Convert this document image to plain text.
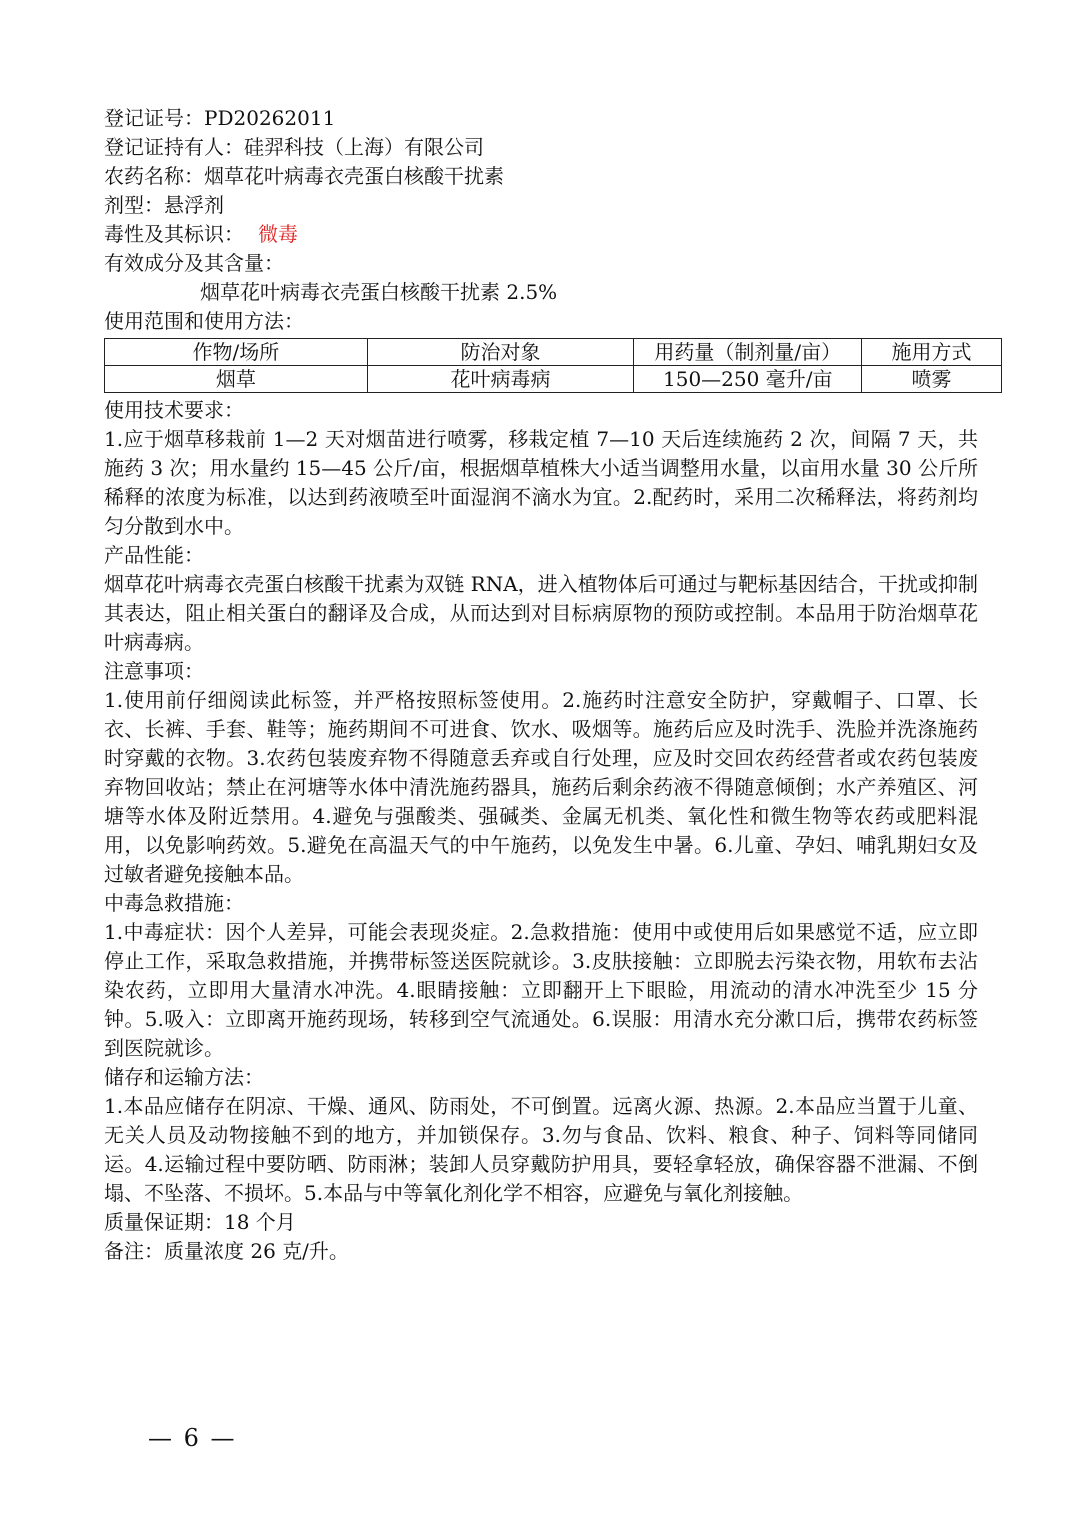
登记证号：PD20262011
登记证持有人：硅羿科技（上海）有限公司
农药名称：烟草花叶病毒衣壳蛋白核酸干扰素
剂型：悬浮剂
毒性及其标识： 微毒
有效成分及其含量：
烟草花叶病毒衣壳蛋白核酸干扰素 2.5%
使用范围和使用方法：
作物/场所	防治对象	用药量（制剂量/亩）	施用方式
烟草	花叶病毒病	150—250 毫升/亩	喷雾
使用技术要求：

1.应于烟草移栽前 1—2 天对烟苗进行喷雾，移栽定植 7—10 天后连续施药 2 次，间隔 7 天，共施药 3 次；用水量约 15—45 公斤/亩，根据烟草植株大小适当调整用水量，以亩用水量 30 公斤所稀释的浓度为标准，以达到药液喷至叶面湿润不滴水为宜。2.配药时，采用二次稀释法，将药剂均匀分散到水中。

产品性能：

烟草花叶病毒衣壳蛋白核酸干扰素为双链 RNA，进入植物体后可通过与靶标基因结合，干扰或抑制其表达，阻止相关蛋白的翻译及合成，从而达到对目标病原物的预防或控制。本品用于防治烟草花叶病毒病。

注意事项：

1.使用前仔细阅读此标签，并严格按照标签使用。2.施药时注意安全防护，穿戴帽子、口罩、长衣、长裤、手套、鞋等；施药期间不可进食、饮水、吸烟等。施药后应及时洗手、洗脸并洗涤施药时穿戴的衣物。3.农药包装废弃物不得随意丢弃或自行处理，应及时交回农药经营者或农药包装废弃物回收站；禁止在河塘等水体中清洗施药器具，施药后剩余药液不得随意倾倒；水产养殖区、河塘等水体及附近禁用。4.避免与强酸类、强碱类、金属无机类、氧化性和微生物等农药或肥料混用，以免影响药效。5.避免在高温天气的中午施药，以免发生中暑。6.儿童、孕妇、哺乳期妇女及过敏者避免接触本品。

中毒急救措施：

1.中毒症状：因个人差异，可能会表现炎症。2.急救措施：使用中或使用后如果感觉不适，应立即停止工作，采取急救措施，并携带标签送医院就诊。3.皮肤接触：立即脱去污染衣物，用软布去沾染农药，立即用大量清水冲洗。4.眼睛接触：立即翻开上下眼睑，用流动的清水冲洗至少 15 分钟。5.吸入：立即离开施药现场，转移到空气流通处。6.误服：用清水充分漱口后，携带农药标签到医院就诊。

储存和运输方法：

1.本品应储存在阴凉、干燥、通风、防雨处，不可倒置。远离火源、热源。2.本品应当置于儿童、无关人员及动物接触不到的地方，并加锁保存。3.勿与食品、饮料、粮食、种子、饲料等同储同运。4.运输过程中要防晒、防雨淋；装卸人员穿戴防护用具，要轻拿轻放，确保容器不泄漏、不倒塌、不坠落、不损坏。5.本品与中等氧化剂化学不相容，应避免与氧化剂接触。

质量保证期：18 个月
备注：质量浓度 26 克/升。
— 6 —
